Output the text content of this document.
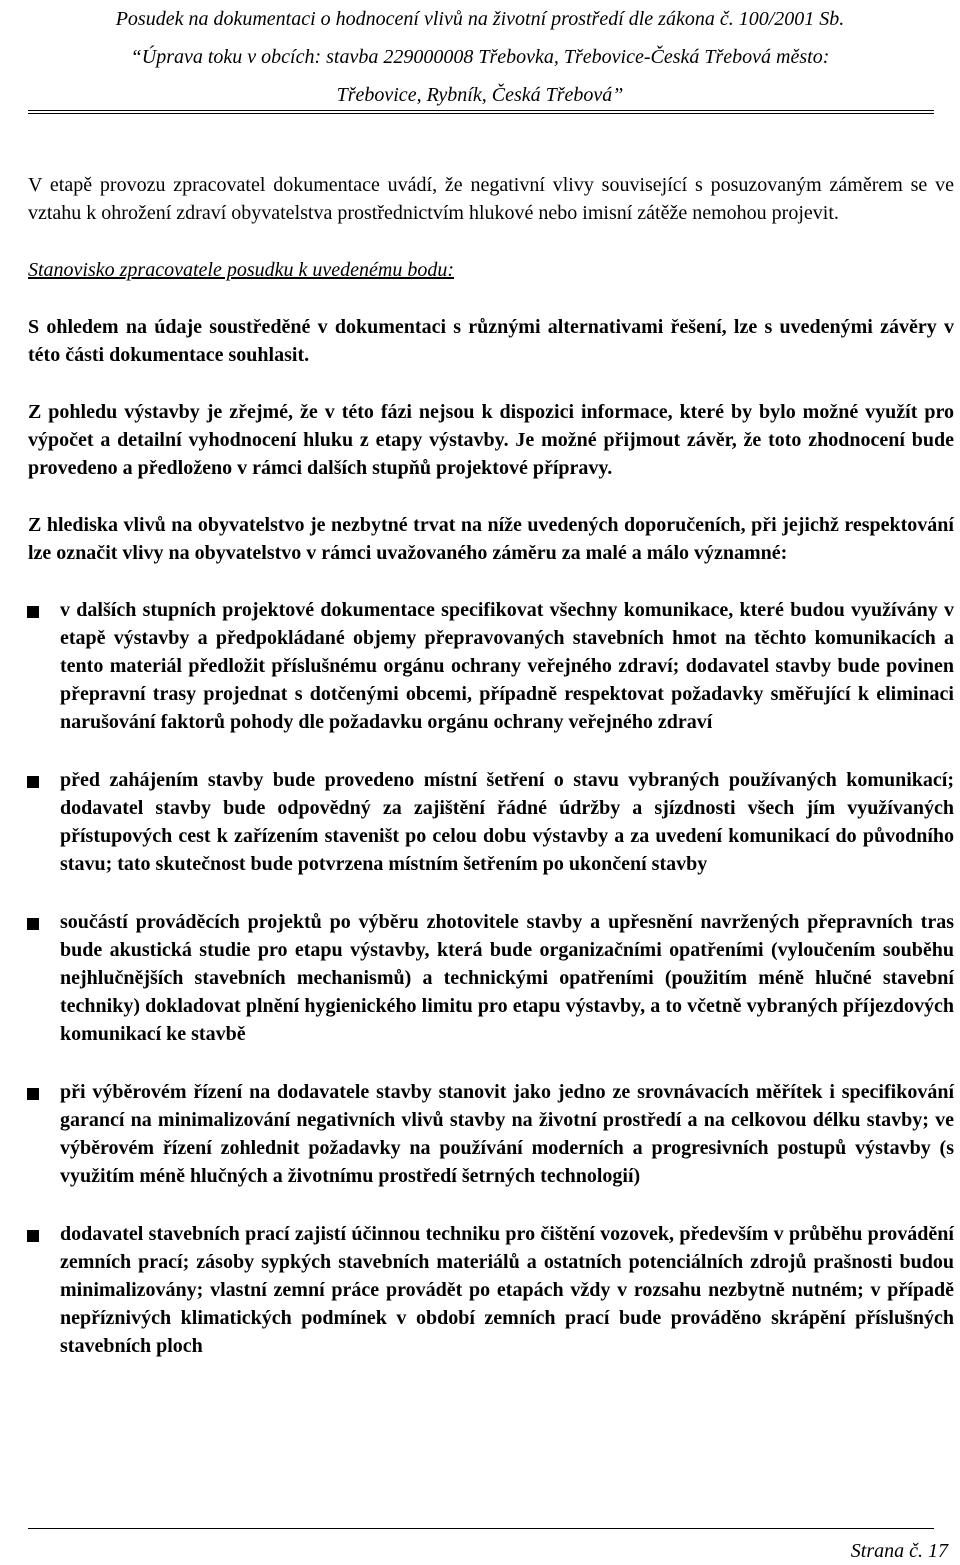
Posudek na dokumentaci o hodnocení vlivů na životní prostředí dle zákona č. 100/2001 Sb.
“Úprava toku v obcích: stavba 229000008 Třebovka, Třebovice-Česká Třebová město:
Třebovice, Rybník, Česká Třebová”

V etapě provozu zpracovatel dokumentace uvádí, že negativní vlivy související s posuzovaným záměrem se ve vztahu k ohrožení zdraví obyvatelstva prostřednictvím hlukové nebo imisní zátěže nemohou projevit.

Stanovisko zpracovatele posudku k uvedenému bodu:

S ohledem na údaje soustředěné v dokumentaci s různými alternativami řešení, lze s uvedenými závěry v této části dokumentace souhlasit.

Z pohledu výstavby je zřejmé, že v této fázi nejsou k dispozici informace, které by bylo možné využít pro výpočet a detailní vyhodnocení hluku z etapy výstavby. Je možné přijmout závěr, že toto zhodnocení bude provedeno a předloženo v rámci dalších stupňů projektové přípravy.

Z hlediska vlivů na obyvatelstvo je nezbytné trvat na níže uvedených doporučeních, při jejichž respektování lze označit vlivy na obyvatelstvo v rámci uvažovaného záměru za malé a málo významné:

v dalších stupních projektové dokumentace specifikovat všechny komunikace, které budou využívány v etapě výstavby a předpokládané objemy přepravovaných stavebních hmot na těchto komunikacích a tento materiál předložit příslušnému orgánu ochrany veřejného zdraví; dodavatel stavby bude povinen přepravní trasy projednat s dotčenými obcemi, případně respektovat požadavky směřující k eliminaci narušování faktorů pohody dle požadavku orgánu ochrany veřejného zdraví
před zahájením stavby bude provedeno místní šetření o stavu vybraných používaných komunikací; dodavatel stavby bude odpovědný za zajištění řádné údržby a sjízdnosti všech jím využívaných přístupových cest k zařízením staveništ po celou dobu výstavby a za uvedení komunikací do původního stavu; tato skutečnost bude potvrzena místním šetřením po ukončení stavby
součástí prováděcích projektů po výběru zhotovitele stavby a upřesnění navržených přepravních tras bude akustická studie pro etapu výstavby, která bude organizačními opatřeními (vyloučením souběhu nejhlučnějších stavebních mechanismů) a technickými opatřeními (použitím méně hlučné stavební techniky) dokladovat plnění hygienického limitu pro etapu výstavby, a to včetně vybraných příjezdových komunikací ke stavbě
při výběrovém řízení na dodavatele stavby stanovit jako jedno ze srovnávacích měřítek i specifikování garancí na minimalizování negativních vlivů stavby na životní prostředí a na celkovou délku stavby; ve výběrovém řízení zohlednit požadavky na používání moderních a progresivních postupů výstavby (s využitím méně hlučných a životnímu prostředí šetrných technologií)
dodavatel stavebních prací zajistí účinnou techniku pro čištění vozovek, především v průběhu provádění zemních prací; zásoby sypkých stavebních materiálů a ostatních potenciálních zdrojů prašnosti budou minimalizovány; vlastní zemní práce provádět po etapách vždy v rozsahu nezbytně nutném; v případě nepříznivých klimatických podmínek v období zemních prací bude prováděno skrápění příslušných stavebních ploch
Strana č. 17
